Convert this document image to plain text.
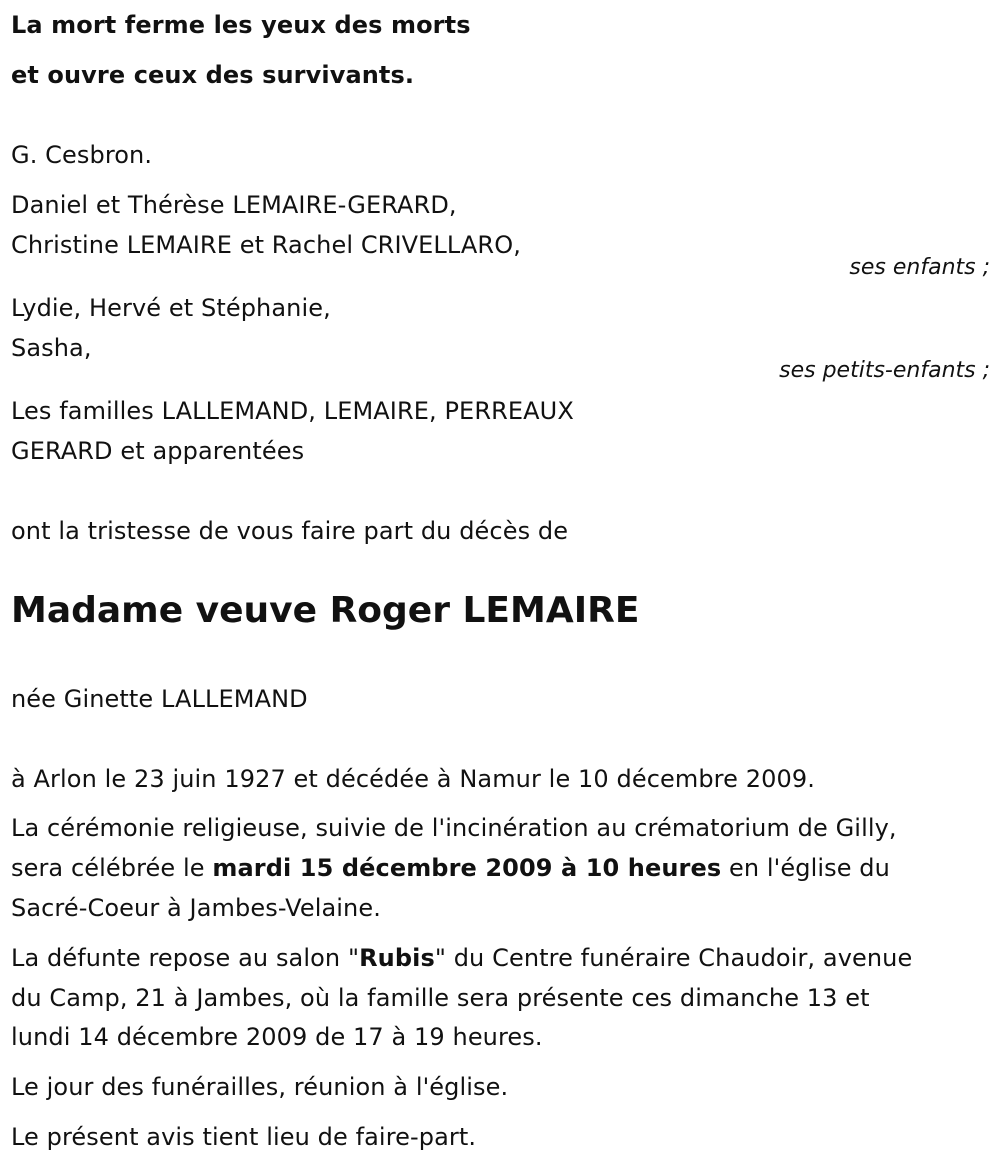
La mort ferme les yeux des morts
et ouvre ceux des survivants.
G. Cesbron.
Daniel et Thérèse LEMAIRE-GERARD,
Christine LEMAIRE et Rachel CRIVELLARO,
ses enfants ;
Lydie, Hervé et Stéphanie,
Sasha,
ses petits-enfants ;
Les familles LALLEMAND, LEMAIRE, PERREAUX
GERARD et apparentées
ont la tristesse de vous faire part du décès de
Madame veuve Roger LEMAIRE
née Ginette LALLEMAND
à Arlon le 23 juin 1927 et décédée à Namur le 10 décembre 2009.
La cérémonie religieuse, suivie de l'incinération au crématorium de Gilly,
sera célébrée le mardi 15 décembre 2009 à 10 heures en l'église du
Sacré-Coeur à Jambes-Velaine.
La défunte repose au salon "Rubis" du Centre funéraire Chaudoir, avenue
du Camp, 21 à Jambes, où la famille sera présente ces dimanche 13 et
lundi 14 décembre 2009 de 17 à 19 heures.
Le jour des funérailles, réunion à l'église.
Le présent avis tient lieu de faire-part.
